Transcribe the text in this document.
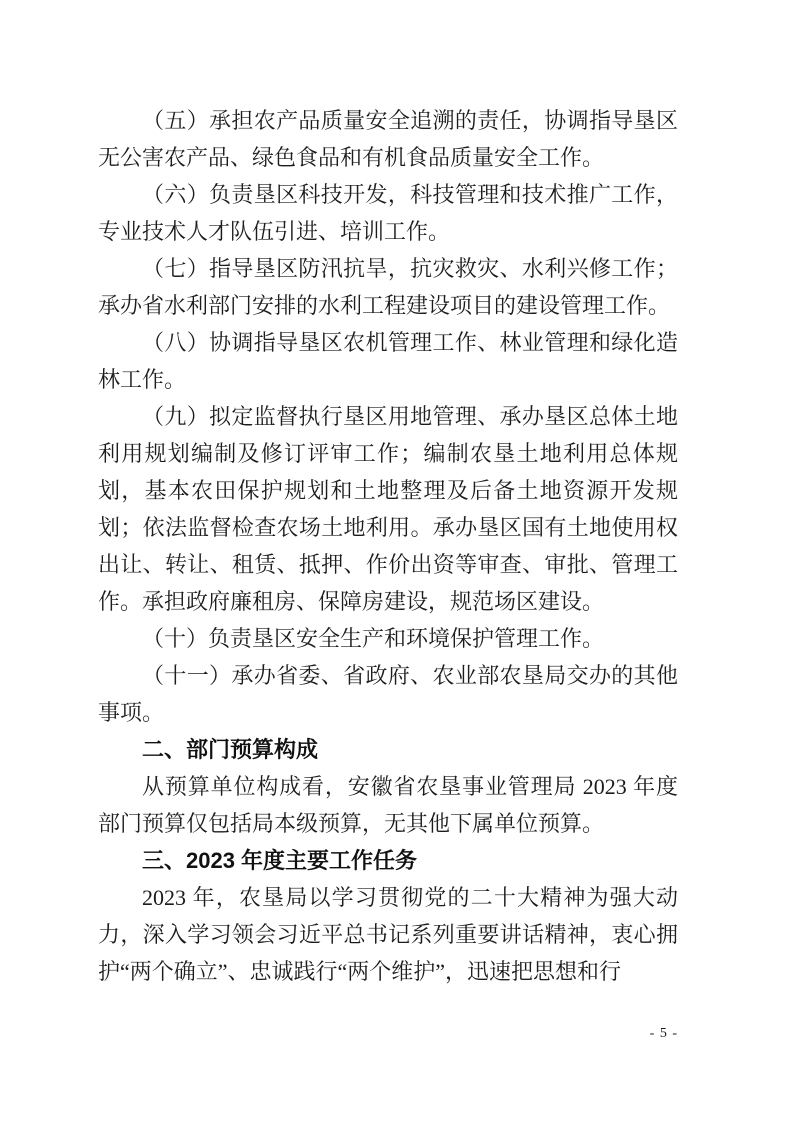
（五）承担农产品质量安全追溯的责任，协调指导垦区无公害农产品、绿色食品和有机食品质量安全工作。

（六）负责垦区科技开发，科技管理和技术推广工作，专业技术人才队伍引进、培训工作。

（七）指导垦区防汛抗旱，抗灾救灾、水利兴修工作；承办省水利部门安排的水利工程建设项目的建设管理工作。

（八）协调指导垦区农机管理工作、林业管理和绿化造林工作。

（九）拟定监督执行垦区用地管理、承办垦区总体土地利用规划编制及修订评审工作；编制农垦土地利用总体规划，基本农田保护规划和土地整理及后备土地资源开发规划；依法监督检查农场土地利用。承办垦区国有土地使用权出让、转让、租赁、抵押、作价出资等审查、审批、管理工作。承担政府廉租房、保障房建设，规范场区建设。

（十）负责垦区安全生产和环境保护管理工作。

（十一）承办省委、省政府、农业部农垦局交办的其他事项。

二、部门预算构成

从预算单位构成看，安徽省农垦事业管理局 2023 年度部门预算仅包括局本级预算，无其他下属单位预算。

三、2023 年度主要工作任务

2023 年，农垦局以学习贯彻党的二十大精神为强大动力，深入学习领会习近平总书记系列重要讲话精神，衷心拥护“两个确立”、忠诚践行“两个维护”，迅速把思想和行

- 5 -
